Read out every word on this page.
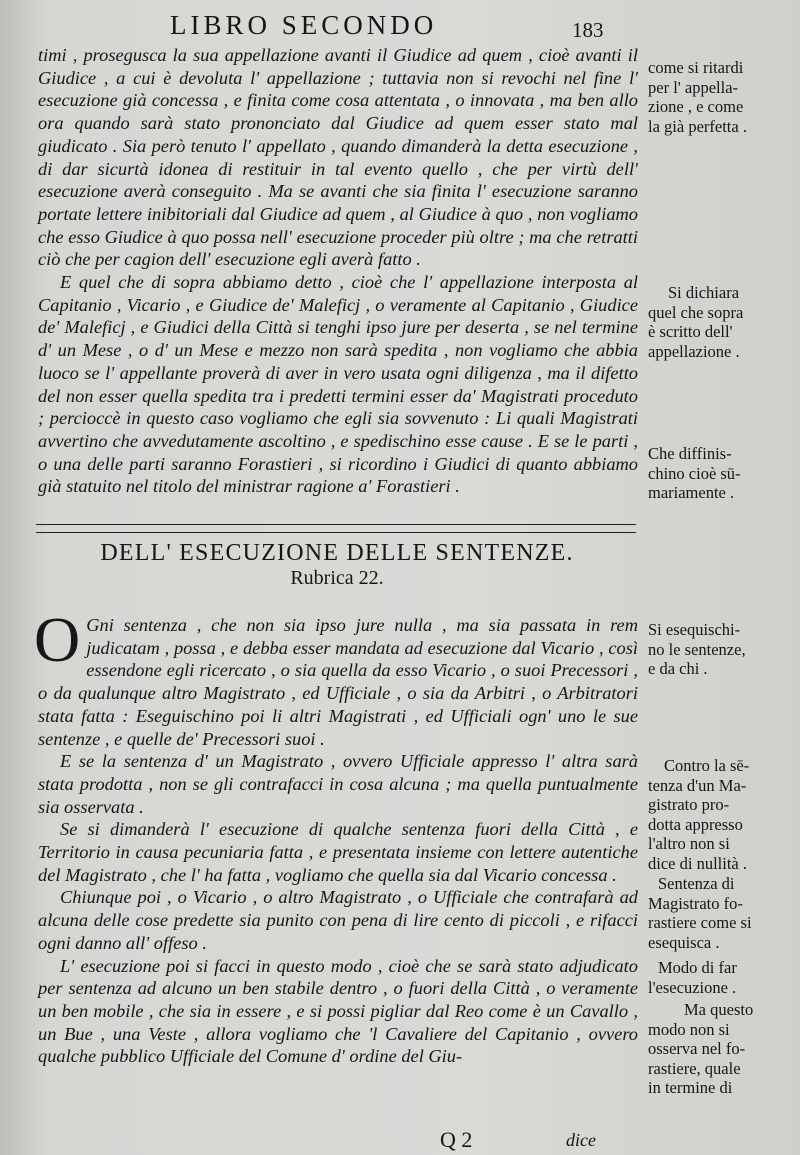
LIBRO SECONDO	183

timi , prosegusca la sua appellazione avanti il Giudice ad quem , cioè avanti il Giudice , a cui è devoluta l' appellazione ; tuttavia non si revochi nel fine l' esecuzione già concessa , e finita come cosa attentata , o innovata , ma ben allo ora quando sarà stato prononciato dal Giudice ad quem esser stato mal giudicato . Sia però tenuto l' appellato , quando dimanderà la detta esecuzione , di dar sicurtà idonea di restituir in tal evento quello , che per virtù dell' esecuzione averà conseguito . Ma se avanti che sia finita l' esecuzione saranno portate lettere inibitoriali dal Giudice ad quem , al Giudice à quo , non vogliamo che esso Giudice à quo possa nell' esecuzione proceder più oltre ; ma che retratti ciò che per cagion dell' esecuzione egli averà fatto .

E quel che di sopra abbiamo detto , cioè che l' appellazione interposta al Capitanio , Vicario , e Giudice de' Maleficj , o veramente al Capitanio , Giudice de' Maleficj , e Giudici della Città si tenghi ipso jure per deserta , se nel termine d' un Mese , o d' un Mese e mezzo non sarà spedita , non vogliamo che abbia luoco se l' appellante proverà di aver in vero usata ogni diligenza , ma il difetto del non esser quella spedita tra i predetti termini esser da' Magistrati proceduto ; percioccè in questo caso vogliamo che egli sia sovvenuto : Li quali Magistrati avvertino che avvedutamente ascoltino , e spedischino esse cause . E se le parti , o una delle parti saranno Forastieri , si ricordino i Giudici di quanto abbiamo già statuito nel titolo del ministrar ragione a' Forastieri .

DELL' ESECUZIONE DELLE SENTENZE.
Rubrica 22.

O Gni sentenza , che non sia ipso jure nulla , ma sia passata in rem judicatam , possa , e debba esser mandata ad esecuzione dal Vicario , così essendone egli ricercato , o sia quella da esso Vicario , o suoi Precessori , o da qualunque altro Magistrato , ed Ufficiale , o sia da Arbitri , o Arbitratori stata fatta : Eseguischino poi li altri Magistrati , ed Ufficiali ogn' uno le sue sentenze , e quelle de' Precessori suoi .

E se la sentenza d' un Magistrato , ovvero Ufficiale appresso l' altra sarà stata prodotta , non se gli contrafacci in cosa alcuna ; ma quella puntualmente sia osservata .

Se si dimanderà l' esecuzione di qualche sentenza fuori della Città , e Territorio in causa pecuniaria fatta , e presentata insieme con lettere autentiche del Magistrato , che l' ha fatta , vogliamo che quella sia dal Vicario concessa .

Chiunque poi , o Vicario , o altro Magistrato , o Ufficiale che contrafarà ad alcuna delle cose predette sia punito con pena di lire cento di piccoli , e rifacci ogni danno all' offeso .

L' esecuzione poi si facci in questo modo , cioè che se sarà stato adjudicato per sentenza ad alcuno un ben stabile dentro , o fuori della Città , o veramente un ben mobile , che sia in essere , e si possi pigliar dal Reo come è un Cavallo , un Bue , una Veste , allora vogliamo che 'l Cavaliere del Capitanio , ovvero qualche pubblico Ufficiale del Comune d' ordine del Giu-

Q 2	dice
come si ritardi
per l' appella-
zione , e come
la già perfetta .
Si dichiara
quel che sopra
è scritto dell'
appellazione .
Che diffinis-
chino cioè sū-
mariamente .
Si esequischi-
no le sentenze,
e da chi .
Contro la sē-
tenza d'un Ma-
gistrato pro-
dotta appresso
l'altro non si
dice di nullità .
Sentenza di
Magistrato fo-
rastiere come si
esequisca .
Modo di far
l'esecuzione .
Ma questo
modo non si
osserva nel fo-
rastiere, quale
in termine di
